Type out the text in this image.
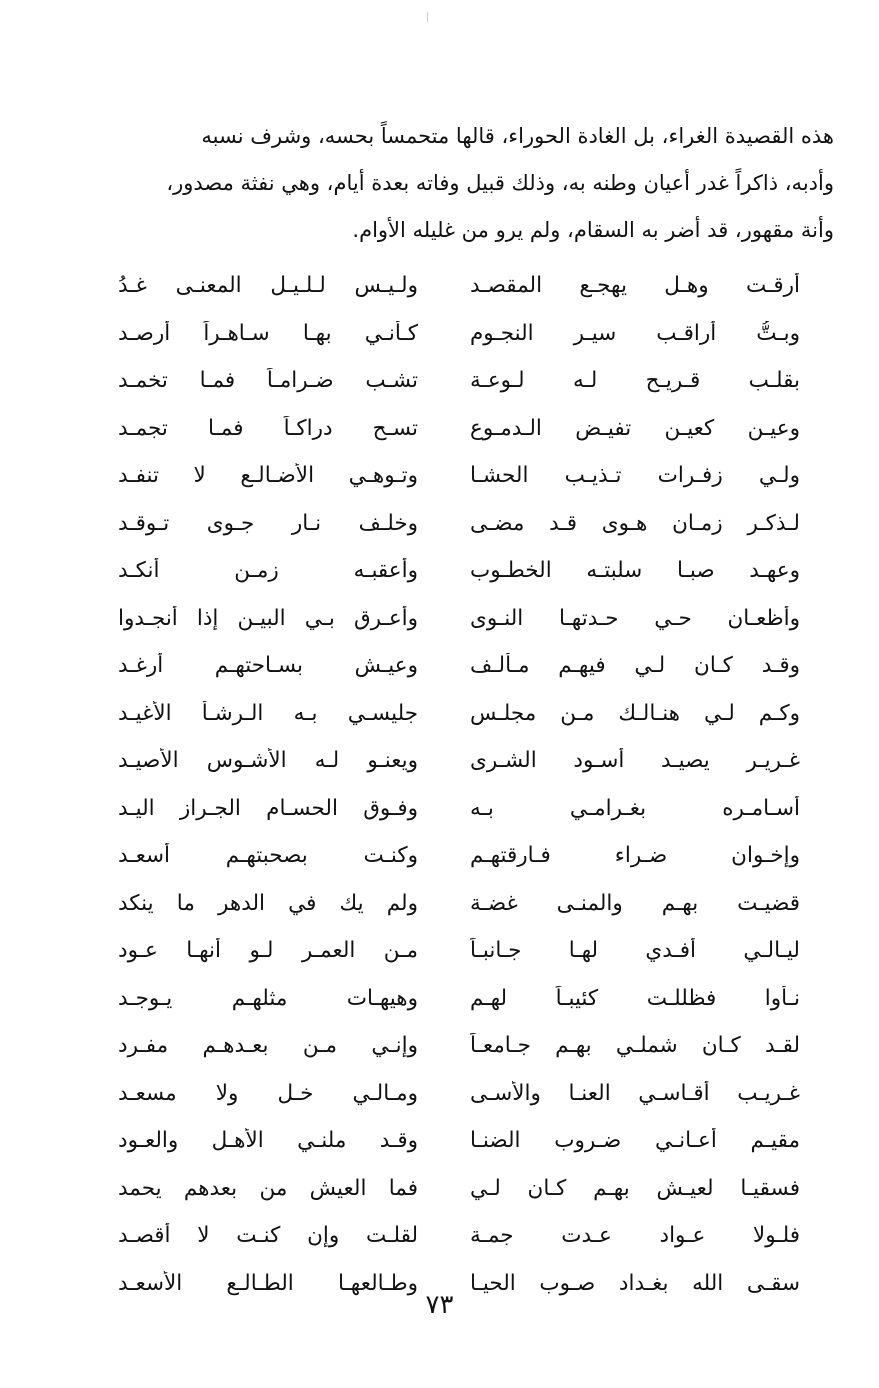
هذه القصيدة الغراء، بل الغادة الحوراء، قالها متحمساً بحسه، وشرف نسبه
وأدبه، ذاكراً غدر أعيان وطنه به، وذلك قبيل وفاته بعدة أيام، وهي نفثة مصدور،
وأنة مقهور، قد أضر به السقام، ولم يرو من غليله الأوام.

أرقـت وهـل يهجـع المقصـد
ولـيـس لـلـيـل المعنـى غـدُ
وبـتُّ أراقـب سيـر النجـوم
كـأنـي بهـا سـاهـراً أرصـد
بقلـب قـريـح لـه لـوعـة
تشـب ضـرامـاً فمـا تخمـد
وعيـن كعيـن تفيـض الـدمـوع
تسـح دراكـاً فمـا تجمـد
ولـي زفـرات تـذيـب الحشـا
وتـوهـي الأضـالـع لا تنفـد
لـذكـر زمـان هـوى قـد مضـى
وخلـف نـار جـوى تـوقـد
وعهـد صبـا سلبتـه الخطـوب
وأعقبـه زمـن أنكـد
وأظعـان حـي حـدتهـا النـوى
وأعـرق بـي البيـن إذا أنجـدوا
وقـد كـان لـي فيهـم مـألـف
وعيـش بسـاحتهـم أرغـد
وكـم لـي هنـالـك مـن مجلـس
جليسـي بـه الـرشـأ الأغيـد
غـريـر يصيـد أسـود الشـرى
ويعنـو لـه الأشـوس الأصيـد
أسـامـره بغـرامـي بـه
وفـوق الحسـام الجـراز اليـد
وإخـوان ضـراء فـارقتهـم
وكنـت بصحبتهـم أسعـد
قضيـت بهـم والمنـى غضـة
ولم يك في الدهر ما ينكد
ليـالـي أفـدي لهـا جـانبـاً
مـن العمـر لـو أنهـا عـود
نـأوا فظللـت كئيبـاً لهـم
وهيهـات مثلهـم يـوجـد
لقـد كـان شملـي بهـم جـامعـاً
وإنـي مـن بعـدهـم مفـرد
غـريـب أقـاسـي العنـا والأسـى
ومـالـي خـل ولا مسعـد
مقيـم أعـانـي ضـروب الضنـا
وقـد ملنـي الأهـل والعـود
فسقيـا لعيـش بهـم كـان لـي
فما العيش من بعدهم يحمد
فلـولا عـواد عـدت جمـة
لقلـت وإن كنـت لا أقصـد
سقـى الله بغـداد صـوب الحيـا
وطـالعهـا الطـالـع الأسعـد
٧٣
